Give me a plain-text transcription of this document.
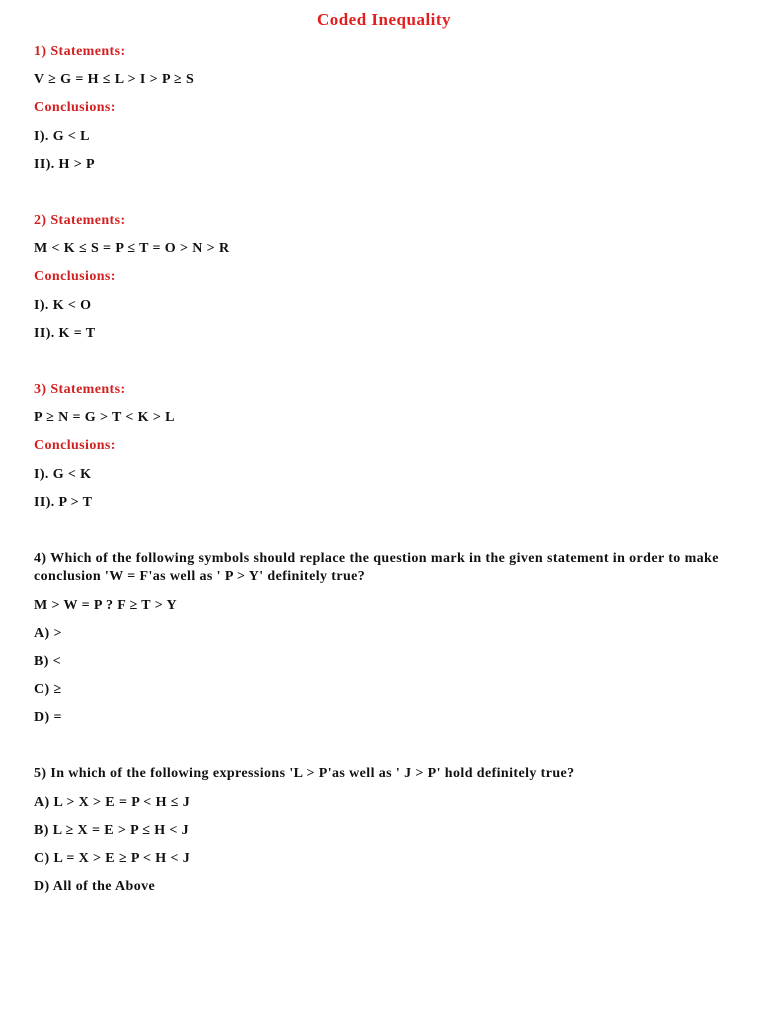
Coded Inequality
1) Statements:
V ≥ G = H ≤ L > I > P ≥ S
Conclusions:
I). G < L
II). H > P
2) Statements:
M < K ≤ S = P ≤ T = O > N > R
Conclusions:
I). K < O
II). K = T
3) Statements:
P ≥ N = G > T < K > L
Conclusions:
I). G < K
II). P > T
4) Which of the following symbols should replace the question mark in the given statement in order to make conclusion 'W = F'as well as ' P > Y' definitely true?
M > W = P ? F ≥ T > Y
A) >
B) <
C) ≥
D) =
5) In which of the following expressions 'L > P'as well as ' J > P' hold definitely true?
A) L > X > E = P < H ≤ J
B) L ≥ X = E > P ≤ H < J
C) L = X > E ≥ P < H < J
D) All of the Above
